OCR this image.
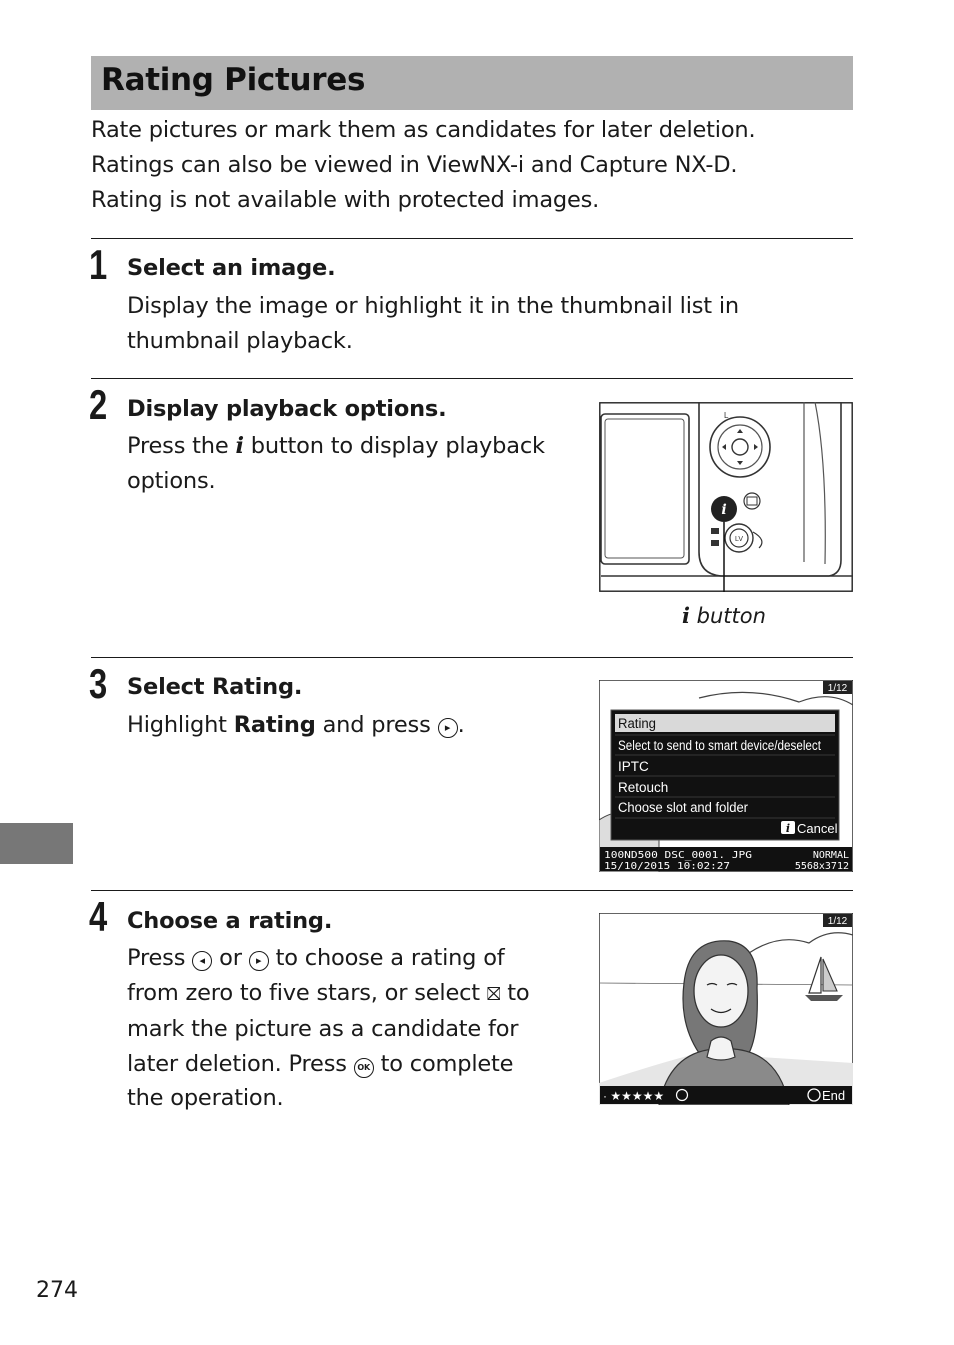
Rating Pictures

Rate pictures or mark them as candidates for later deletion.

Ratings can also be viewed in ViewNX-i and Capture NX-D.

Rating is not available with protected images.

1 Select an image.

Display the image or highlight it in the thumbnail list in

thumbnail playback.

2 Display playback options.

Press the i button to display playback

options.

L
i
LV
i button
3 Select Rating.

Highlight Rating and press ▸ .

1/12
Rating
Select to send to smart device/deselect
IPTC
Retouch
Choose slot and folder
i Cancel
100ND500 DSC_0001. JPG	NORMAL
15/10/2015 10:02:27	5568x3712
4 Choose a rating.

Press ◂ or ▸ to choose a rating of

from zero to five stars, or select ⛝ to

mark the picture as a candidate for

later deletion. Press OK to complete

the operation.

1/12
· ★★★★★	End
274
